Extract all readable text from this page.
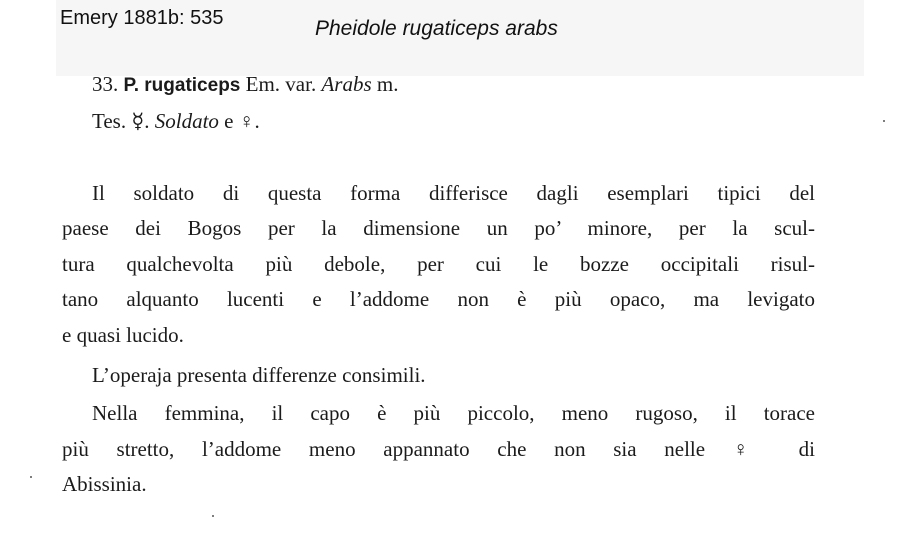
Emery 1881b: 535	Pheidole rugaticeps arabs
33. P. rugaticeps Em. var. Arabs m.
Tes. ☿. Soldato e ♀.
Il soldato di questa forma differisce dagli esemplari tipici del
paese dei Bogos per la dimensione un po’ minore, per la scul-
tura qualchevolta più debole, per cui le bozze occipitali risul-
tano alquanto lucenti e l’addome non è più opaco, ma levigato
e quasi lucido.
L’operaja presenta differenze consimili.
Nella femmina, il capo è più piccolo, meno rugoso, il torace
più stretto, l’addome meno appannato che non sia nelle ♀ di
Abissinia.
